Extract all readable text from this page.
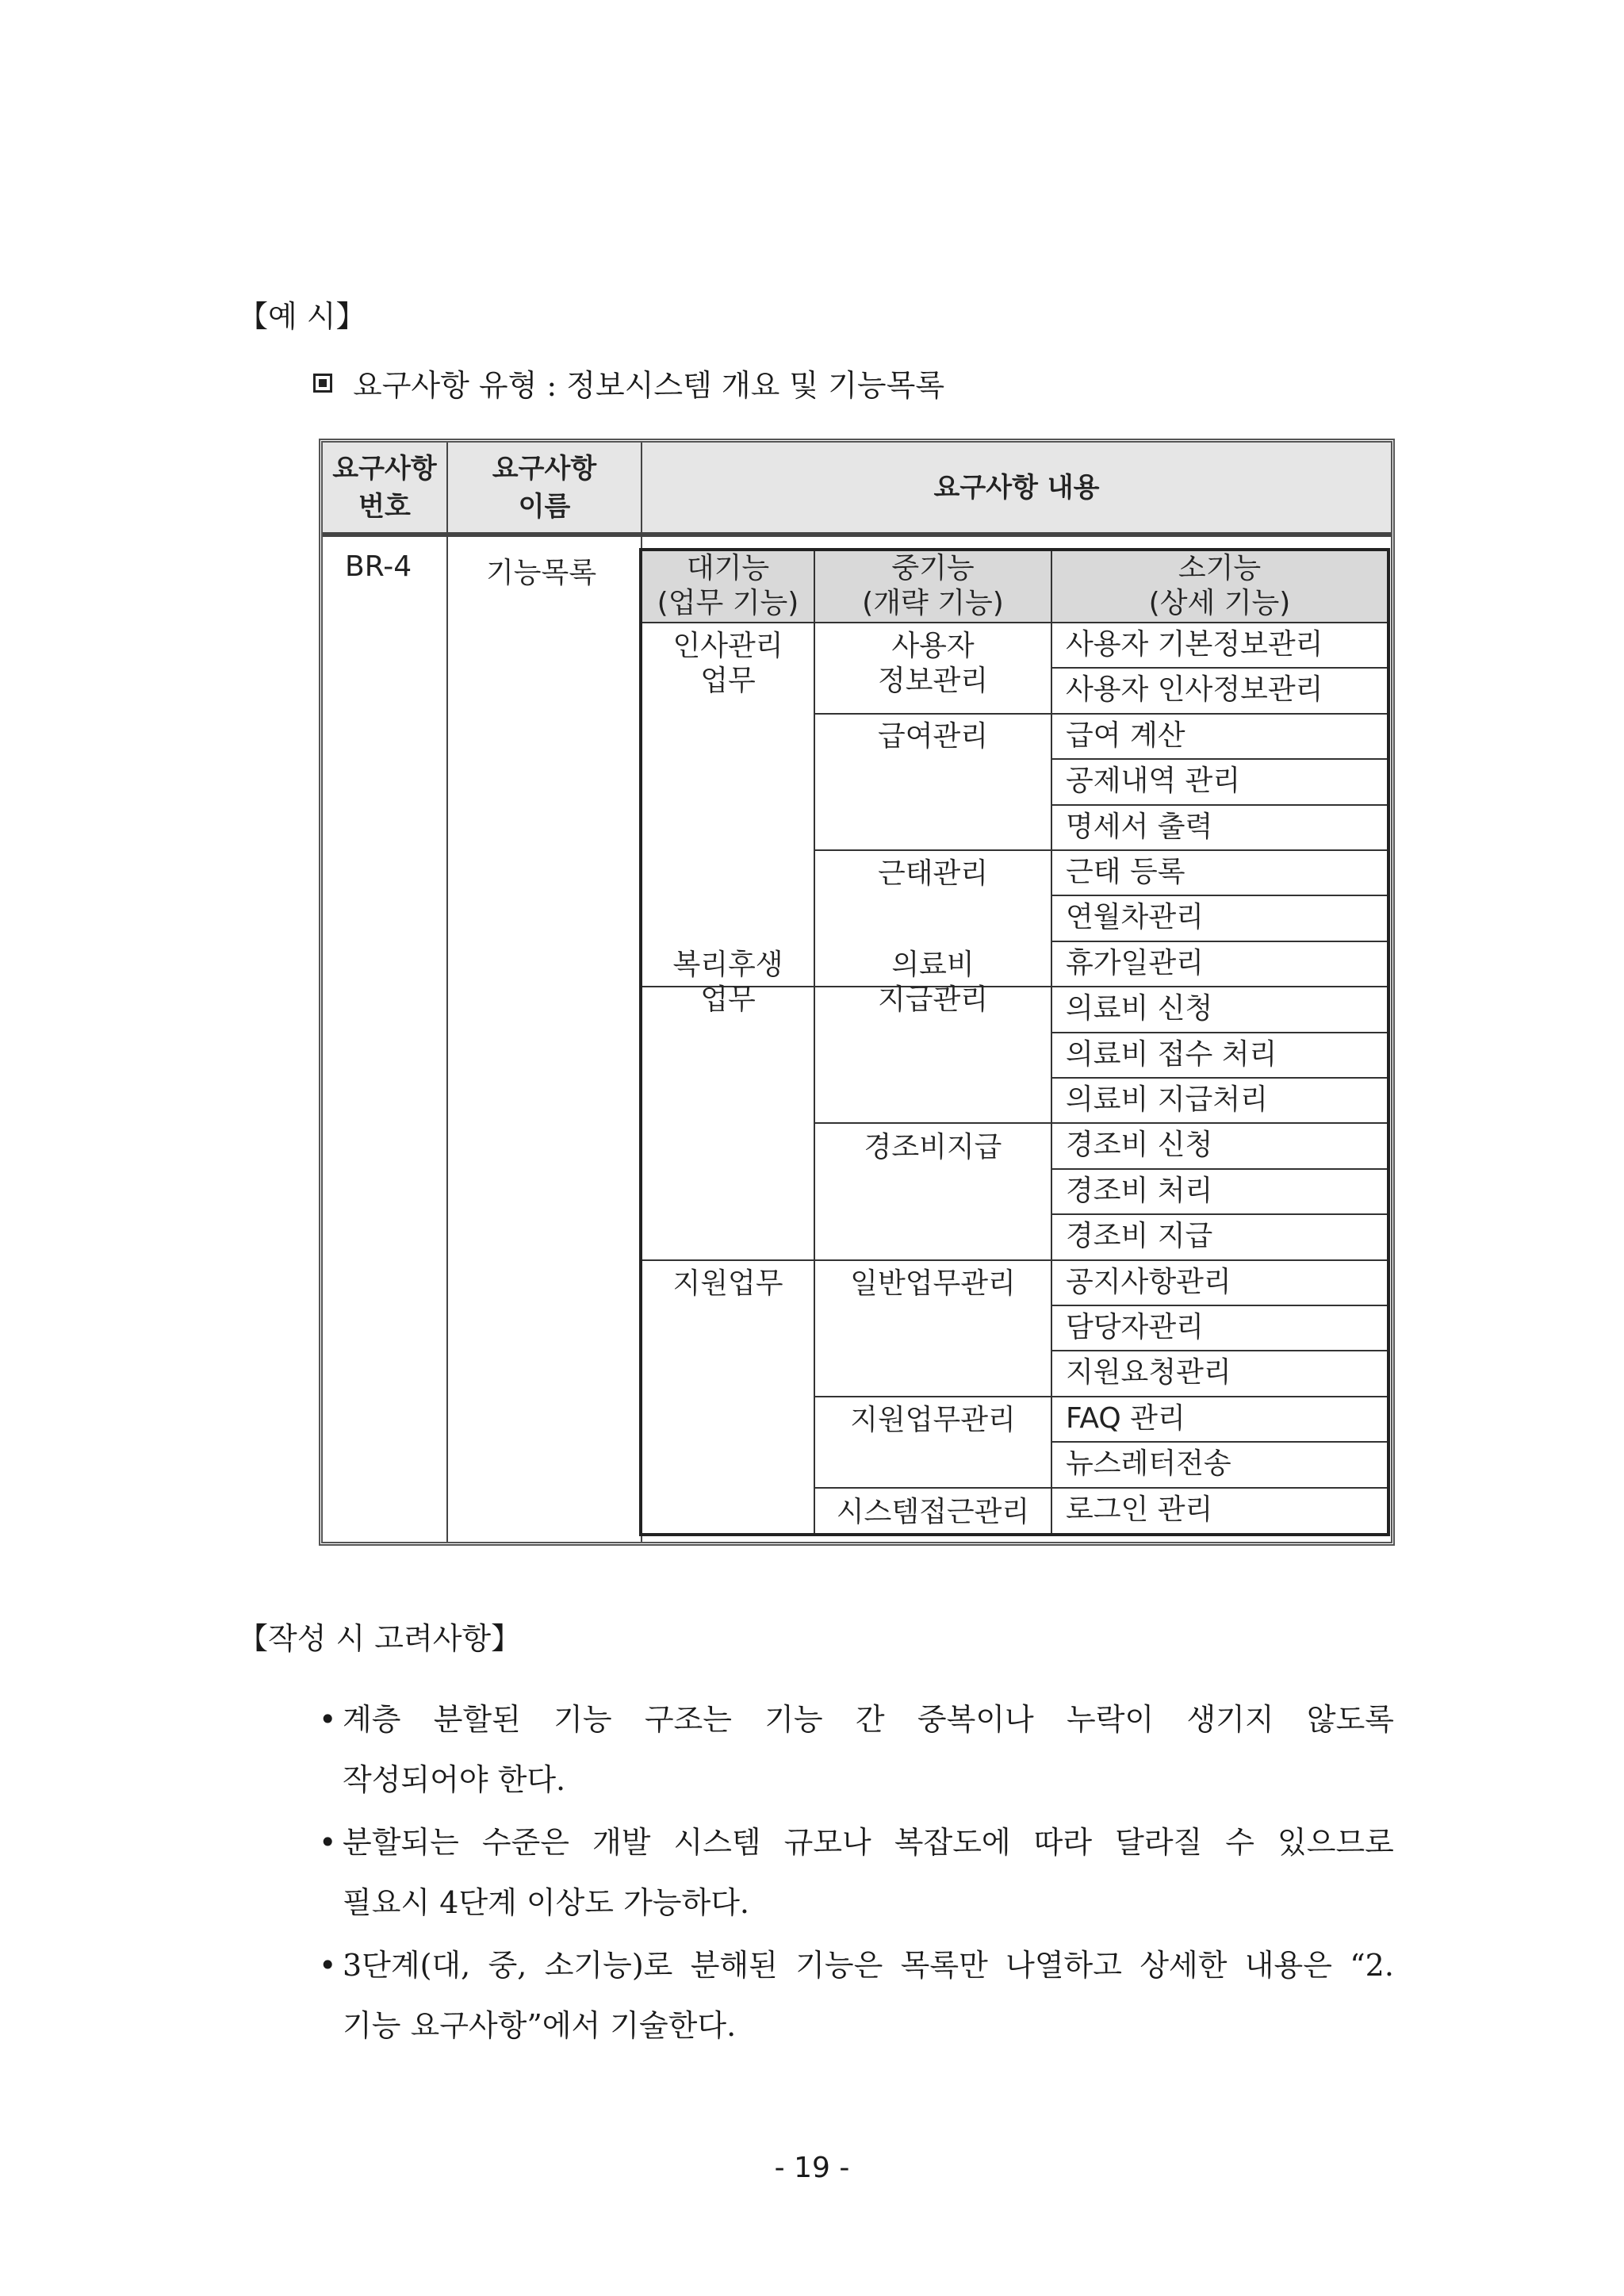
【예 시】
요구사항 유형 : 정보시스템 개요 및 기능목록
요구사항
번호
요구사항
이름
요구사항 내용
BR-4	기능목록	대기능
(업무 기능)
중기능
(개략 기능)
소기능
(상세 기능)
인사관리
업무
복리후생
업무
지원업무
사용자
정보관리
급여관리
근태관리
의료비
지급관리
경조비지급
일반업무관리
지원업무관리
시스템접근관리
사용자 기본정보관리
사용자 인사정보관리
급여 계산
공제내역 관리
명세서 출력
근태 등록
연월차관리
휴가일관리
의료비 신청
의료비 접수 처리
의료비 지급처리
경조비 신청
경조비 처리
경조비 지급
공지사항관리
담당자관리
지원요청관리
FAQ 관리
뉴스레터전송
로그인 관리
【작성 시 고려사항】
• 계층 분할된 기능 구조는 기능 간 중복이나 누락이 생기지 않도록
작성되어야 한다.
• 분할되는 수준은 개발 시스템 규모나 복잡도에 따라 달라질 수 있으므로
필요시 4단계 이상도 가능하다.
• 3단계(대, 중, 소기능)로 분해된 기능은 목록만 나열하고 상세한 내용은 “2.
기능 요구사항”에서 기술한다.
- 19 -
